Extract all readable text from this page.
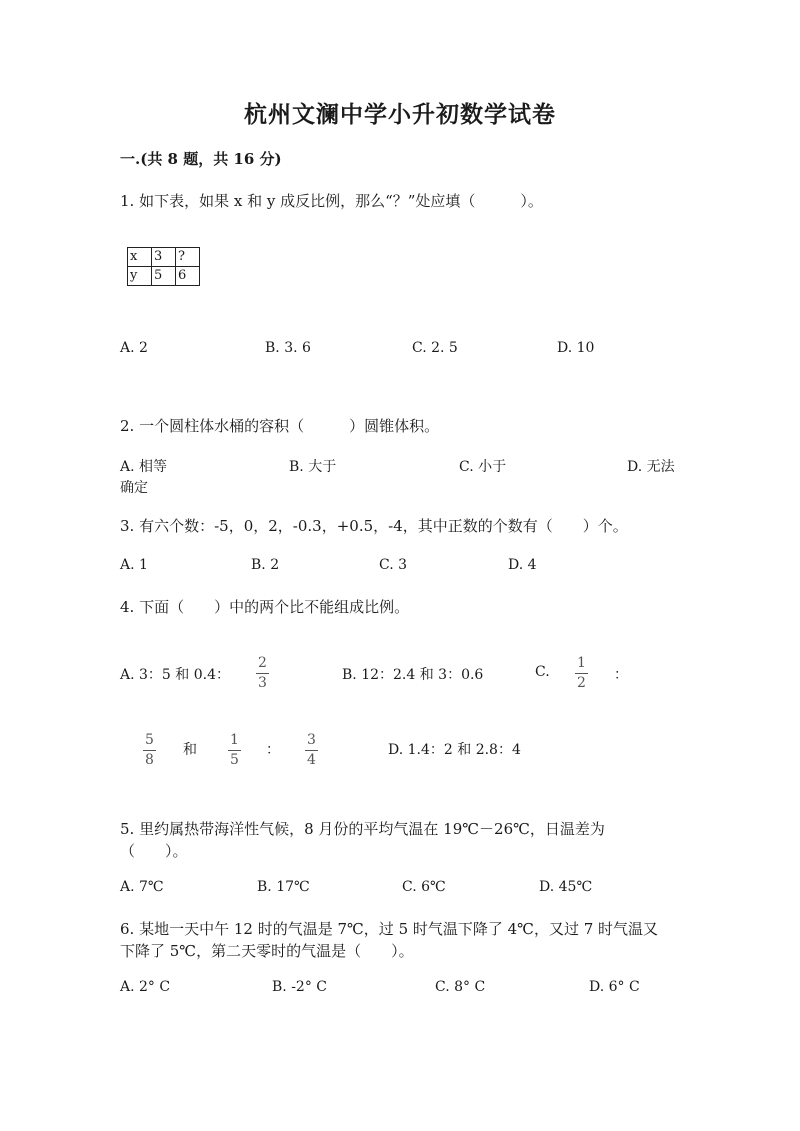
杭州文澜中学小升初数学试卷
一.(共 8 题，共 16 分)
1. 如下表，如果 x 和 y 成反比例，那么“？”处应填（　　　）。
x	3	?
y	5	6
A. 2	B. 3. 6	C. 2. 5	D. 10
2. 一个圆柱体水桶的容积（　　　）圆锥体积。
A. 相等	B. 大于	C. 小于	D. 无法
确定
3. 有六个数：-5，0，2，-0.3，+0.5，-4，其中正数的个数有（　　）个。
A. 1	B. 2	C. 3	D. 4
4. 下面（　　）中的两个比不能组成比例。
A. 3：5 和 0.4：
2
3	B. 12：2.4 和 3：0.6	C.
1
2 ：
5
8
和
1
5
：
3
4
D. 1.4：2 和 2.8：4
5. 里约属热带海洋性气候，8 月份的平均气温在 19℃－26℃，日温差为
（　　）。
A. 7℃	B. 17℃	C. 6℃	D. 45℃
6. 某地一天中午 12 时的气温是 7℃，过 5 时气温下降了 4℃，又过 7 时气温又
下降了 5℃，第二天零时的气温是（　　）。
A. 2° C	B. -2° C	C. 8° C	D. 6° C
